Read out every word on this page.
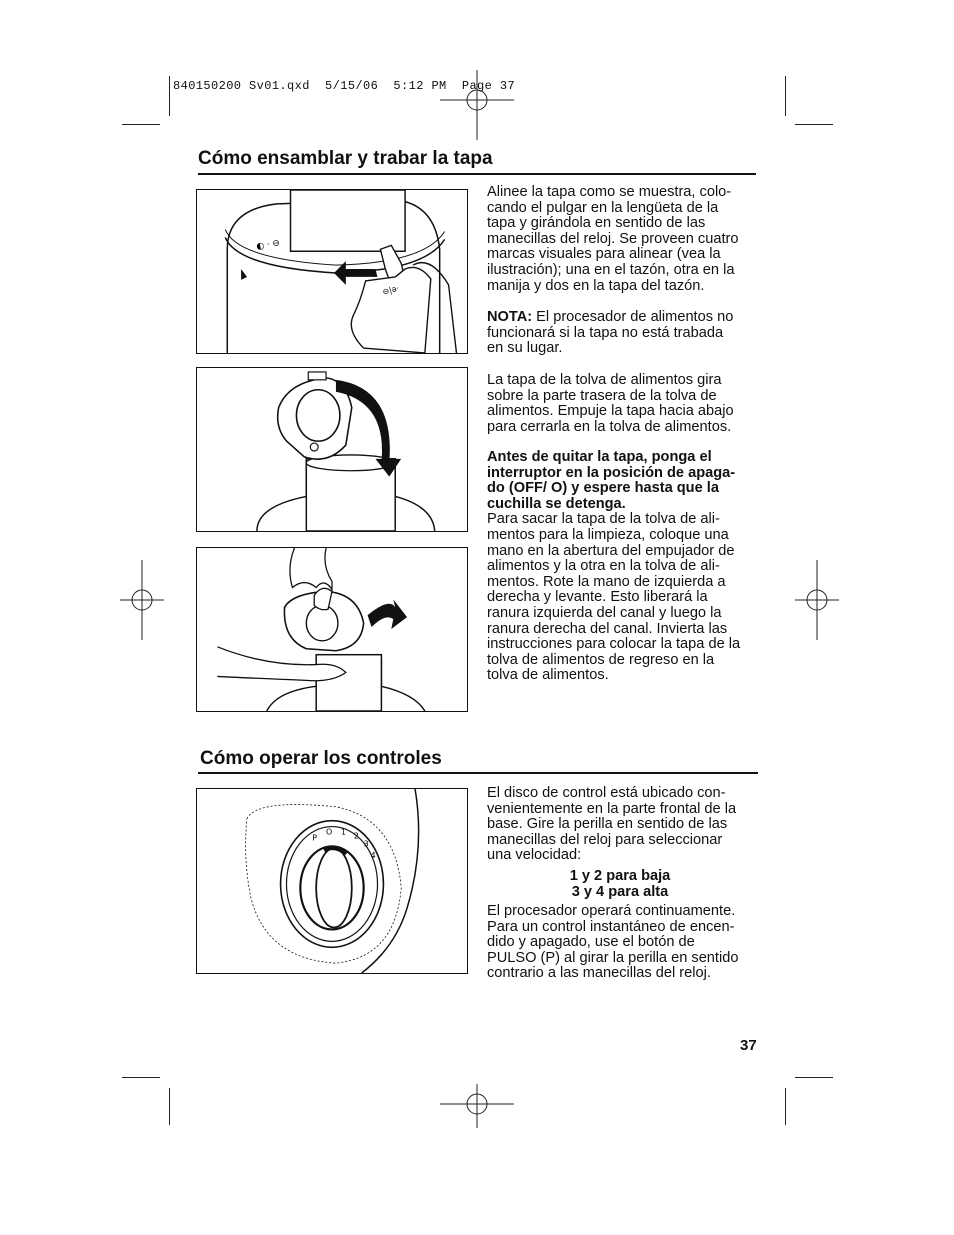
840150200 Sv01.qxd  5/15/06  5:12 PM  Page 37
Cómo ensamblar y trabar la tapa
◐ · ⊖
⊖|ə·

Alinee la tapa como se muestra, colo-

cando el pulgar en la lengüeta de la

tapa y girándola en sentido de las

manecillas del reloj. Se proveen cuatro

marcas visuales para alinear (vea la

ilustración); una en el tazón, otra en la

manija y dos en la tapa del tazón.

NOTA: El procesador de alimentos no

funcionará si la tapa no está trabada

en su lugar.

La tapa de la tolva de alimentos gira

sobre la parte trasera de la tolva de

alimentos. Empuje la tapa hacia abajo

para cerrarla en la tolva de alimentos.

Antes de quitar la tapa, ponga el

interruptor en la posición de apaga-

do (OFF/ O) y espere hasta que la

cuchilla se detenga.

Para sacar la tapa de la tolva de ali-

mentos para la limpieza, coloque una

mano en la abertura del empujador de

alimentos y la otra en la tolva de ali-

mentos. Rote la mano de izquierda a

derecha y levante. Esto liberará la

ranura izquierda del canal y luego la

ranura derecha del canal. Invierta las

instrucciones para colocar la tapa de la

tolva de alimentos de regreso en la

tolva de alimentos.

Cómo operar los controles
P
O 1 2
3
4

El disco de control está ubicado con-

venientemente en la parte frontal de la

base. Gire la perilla en sentido de las

manecillas del reloj para seleccionar

una velocidad:

1 y 2 para baja

3 y 4 para alta

El procesador operará continuamente.

Para un control instantáneo de encen-

dido y apagado, use el botón de

PULSO (P) al girar la perilla en sentido

contrario a las manecillas del reloj.

37
